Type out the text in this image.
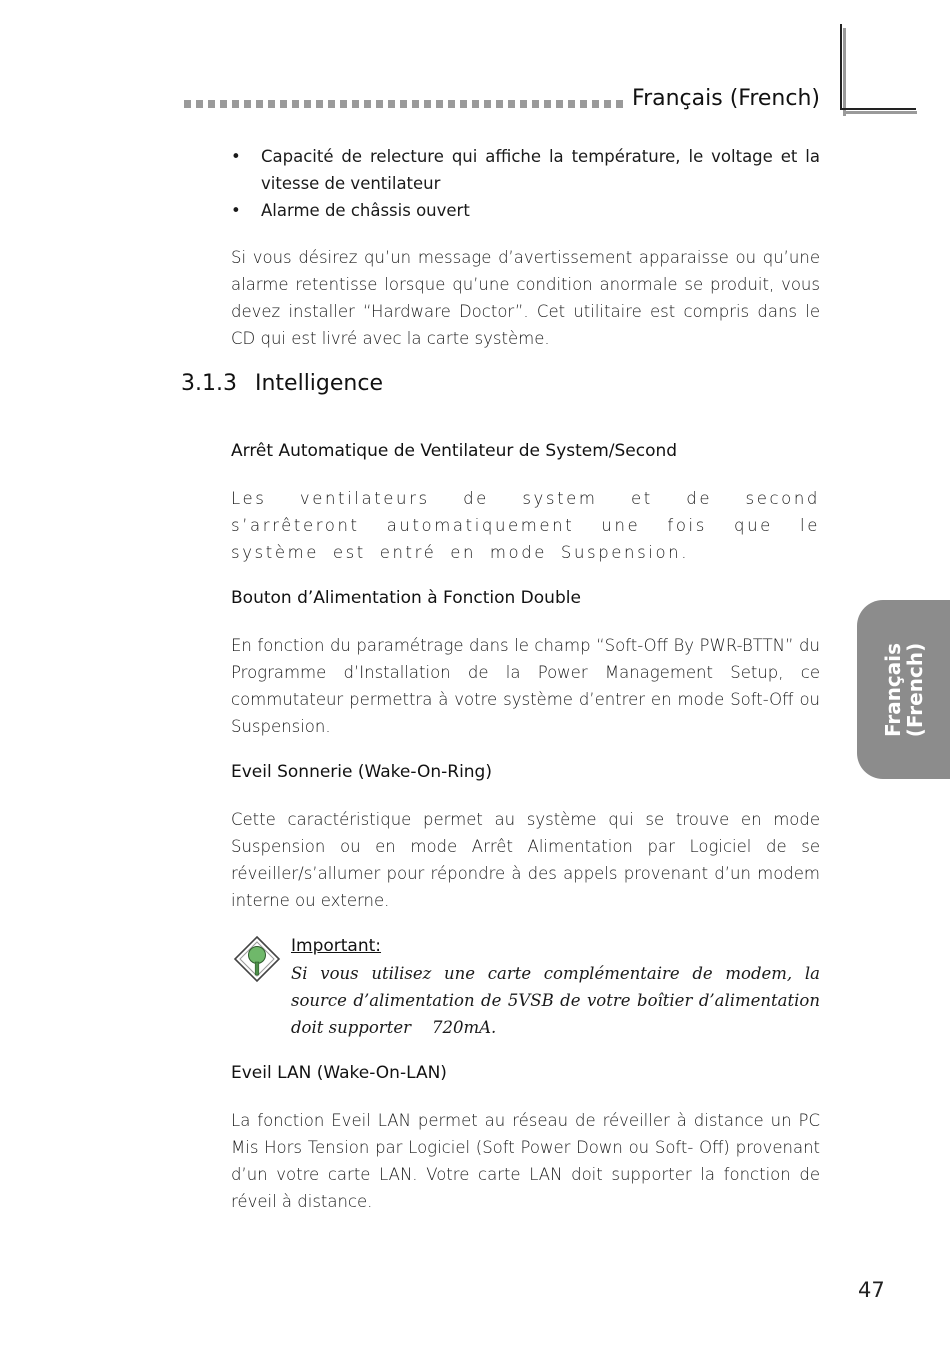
Français (French)
Français
(French)
3.1.3 Intelligence
• Capacité de relecture qui affiche la température, le voltage et la vitesse de ventilateur
• Alarme de châssis ouvert

Si vous désirez qu’un message d’avertissement apparaisse ou qu’une alarme retentisse lorsque qu’une condition anormale se produit, vous devez installer “Hardware Doctor”. Cet utilitaire est compris dans le CD qui est livré avec la carte système.

Arrêt Automatique de Ventilateur de System/Second

Les ventilateurs de system et de second s’arrêteront automatiquement une fois que le système est entré en mode Suspension.

Bouton d’Alimentation à Fonction Double

En fonction du paramétrage dans le champ “Soft-Off By PWR-BTTN” du Programme d’Installation de la Power Management Setup, ce commutateur permettra à votre système d’entrer en mode Soft-Off ou Suspension.

Eveil Sonnerie (Wake-On-Ring)

Cette caractéristique permet au système qui se trouve en mode Suspension ou en mode Arrêt Alimentation par Logiciel de se réveiller/s’allumer pour répondre à des appels provenant d’un modem interne ou externe.

Important:

Si vous utilisez une carte complémentaire de modem, la source d’alimentation de 5VSB de votre boîtier d’alimentation doit supporter    720mA.

Eveil LAN (Wake-On-LAN)

La fonction Eveil LAN permet au réseau de réveiller à distance un PC Mis Hors Tension par Logiciel (Soft Power Down ou Soft- Off) provenant d’un votre carte LAN. Votre carte LAN doit supporter la fonction de réveil à distance.

47
